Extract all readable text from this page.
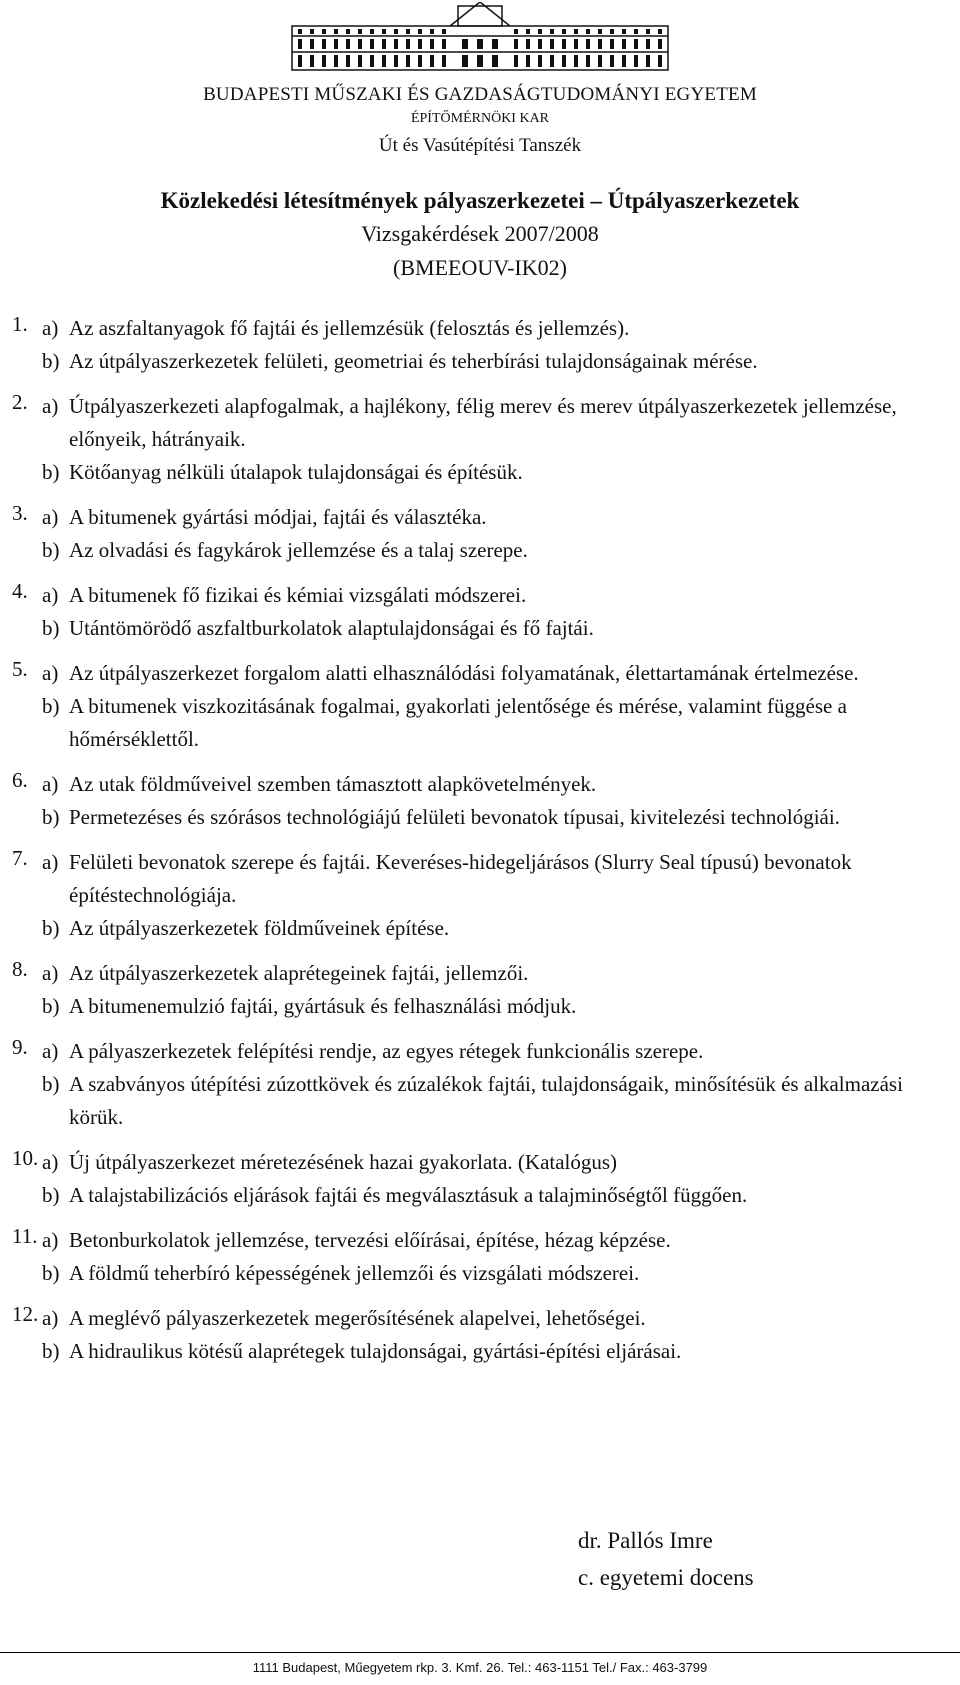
BUDAPESTI MŰSZAKI ÉS GAZDASÁGTUDOMÁNYI EGYETEM
ÉPÍTŐMÉRNÖKI KAR
Út és Vasútépítési Tanszék
Közlekedési létesítmények pályaszerkezetei – Útpályaszerkezetek
Vizsgakérdések 2007/2008
(BMEEOUV-IK02)
1. a) Az aszfaltanyagok fő fajtái és jellemzésük (felosztás és jellemzés).
b) Az útpályaszerkezetek felületi, geometriai és teherbírási tulajdonságainak mérése.
2. a) Útpályaszerkezeti alapfogalmak, a hajlékony, félig merev és merev útpályaszerkezetek jellemzése, előnyeik, hátrányaik.
b) Kötőanyag nélküli útalapok tulajdonságai és építésük.
3. a) A bitumenek gyártási módjai, fajtái és választéka.
b) Az olvadási és fagykárok jellemzése és a talaj szerepe.
4. a) A bitumenek fő fizikai és kémiai vizsgálati módszerei.
b) Utántömörödő aszfaltburkolatok alaptulajdonságai és fő fajtái.
5. a) Az útpályaszerkezet forgalom alatti elhasználódási folyamatának, élettartamának értelmezése.
b) A bitumenek viszkozitásának fogalmai, gyakorlati jelentősége és mérése, valamint függése a hőmérséklettől.
6. a) Az utak földműveivel szemben támasztott alapkövetelmények.
b) Permetezéses és szórásos technológiájú felületi bevonatok típusai, kivitelezési technológiái.
7. a) Felületi bevonatok szerepe és fajtái. Keveréses-hidegeljárásos (Slurry Seal típusú) bevonatok építéstechnológiája.
b) Az útpályaszerkezetek földműveinek építése.
8. a) Az útpályaszerkezetek alaprétegeinek fajtái, jellemzői.
b) A bitumenemulzió fajtái, gyártásuk és felhasználási módjuk.
9. a) A pályaszerkezetek felépítési rendje, az egyes rétegek funkcionális szerepe.
b) A szabványos útépítési zúzottkövek és zúzalékok fajtái, tulajdonságaik, minősítésük és alkalmazási körük.
10. a) Új útpályaszerkezet méretezésének hazai gyakorlata. (Katalógus)
b) A talajstabilizációs eljárások fajtái és megválasztásuk a talajminőségtől függően.
11. a) Betonburkolatok jellemzése, tervezési előírásai, építése, hézag képzése.
b) A földmű teherbíró képességének jellemzői és vizsgálati módszerei.
12. a) A meglévő pályaszerkezetek megerősítésének alapelvei, lehetőségei.
b) A hidraulikus kötésű alaprétegek tulajdonságai, gyártási-építési eljárásai.
dr. Pallós Imre
c. egyetemi docens
1111 Budapest, Műegyetem rkp. 3. Kmf. 26. Tel.: 463-1151 Tel./ Fax.: 463-3799
